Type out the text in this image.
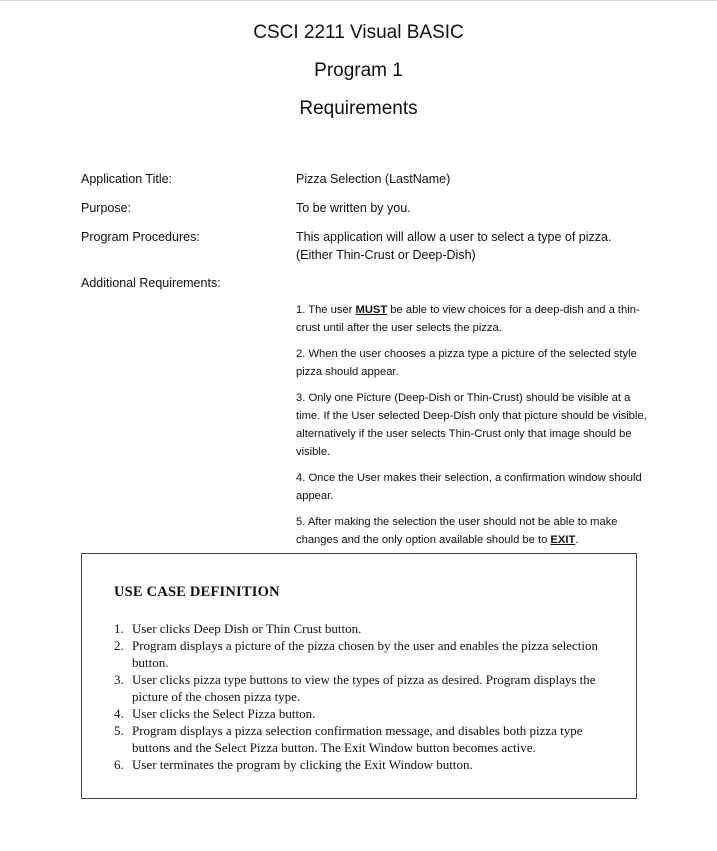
CSCI 2211 Visual BASIC
Program 1
Requirements
Application Title:	Pizza Selection (LastName)
Purpose:	To be written by you.
Program Procedures:	This application will allow a user to select a type of pizza.
(Either Thin-Crust or Deep-Dish)
Additional Requirements:
1. The user MUST be able to view choices for a deep-dish and a thin-crust until after the user selects the pizza.
2. When the user chooses a pizza type a picture of the selected style pizza should appear.
3. Only one Picture (Deep-Dish or Thin-Crust) should be visible at a time. If the User selected Deep-Dish only that picture should be visible, alternatively if the user selects Thin-Crust only that image should be visible.
4. Once the User makes their selection, a confirmation window should appear.
5. After making the selection the user should not be able to make changes and the only option available should be to EXIT.
USE CASE DEFINITION
1. User clicks Deep Dish or Thin Crust button.
2. Program displays a picture of the pizza chosen by the user and enables the pizza selection button.
3. User clicks pizza type buttons to view the types of pizza as desired. Program displays the picture of the chosen pizza type.
4. User clicks the Select Pizza button.
5. Program displays a pizza selection confirmation message, and disables both pizza type buttons and the Select Pizza button. The Exit Window button becomes active.
6. User terminates the program by clicking the Exit Window button.
